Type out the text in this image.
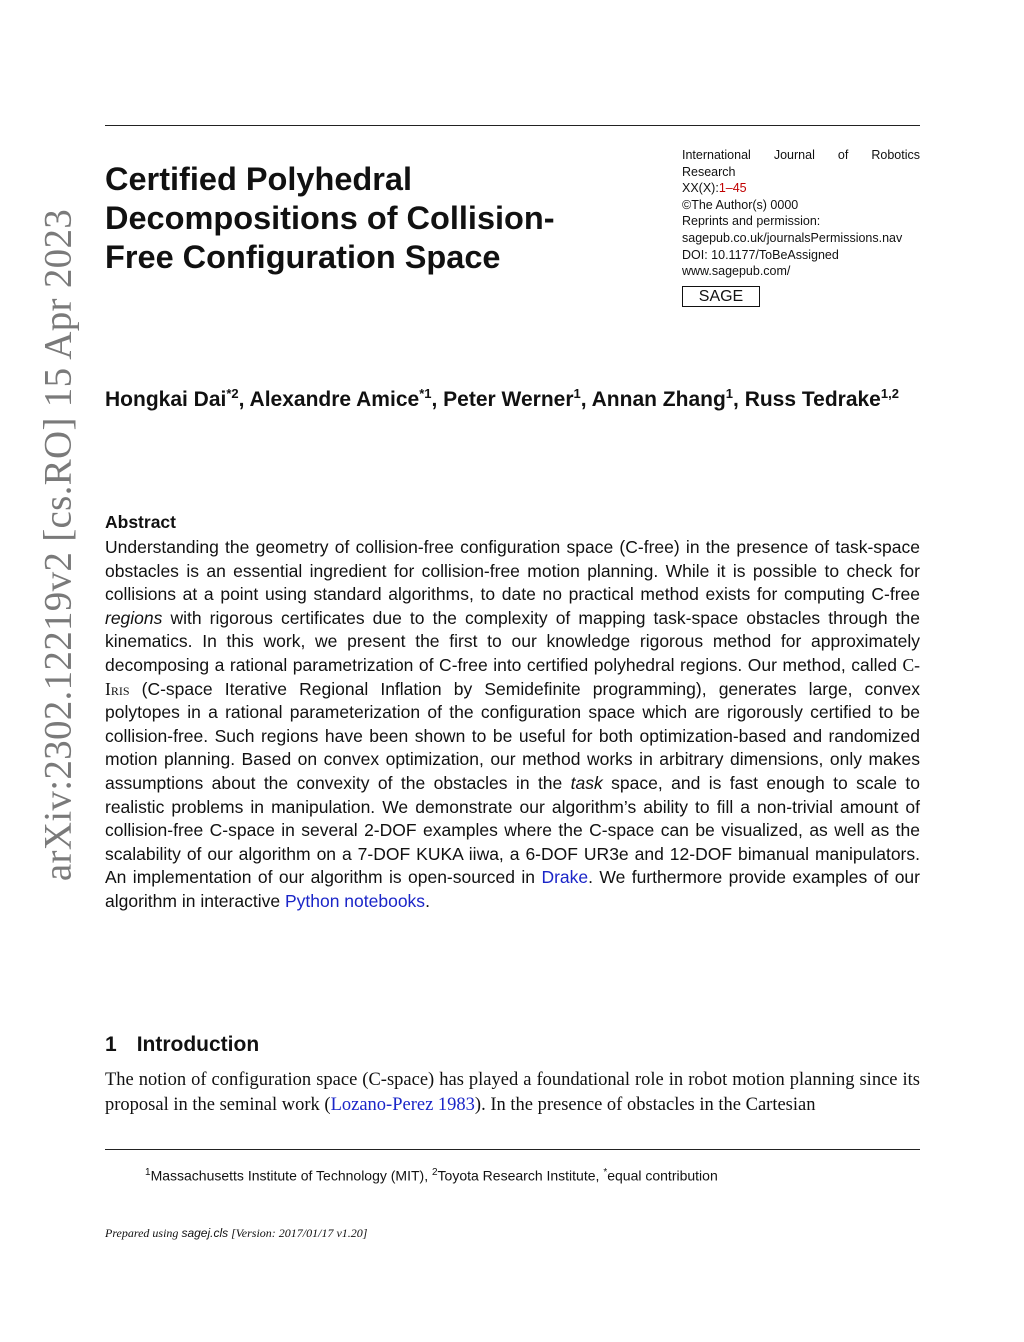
arXiv:2302.12219v2 [cs.RO] 15 Apr 2023
Certified Polyhedral Decompositions of Collision-Free Configuration Space
International Journal of Robotics
Research
XX(X):1–45
©The Author(s) 0000
Reprints and permission:
sagepub.co.uk/journalsPermissions.nav
DOI: 10.1177/ToBeAssigned
www.sagepub.com/
SAGE
Hongkai Dai$^{*2}$, Alexandre Amice$^{*1}$, Peter Werner$^1$, Annan Zhang$^1$, Russ Tedrake$^{1,2}$
Abstract
Understanding the geometry of collision-free configuration space (C-free) in the presence of task-space obstacles is an essential ingredient for collision-free motion planning. While it is possible to check for collisions at a point using standard algorithms, to date no practical method exists for computing C-free regions with rigorous certificates due to the complexity of mapping task-space obstacles through the kinematics. In this work, we present the first to our knowledge rigorous method for approximately decomposing a rational parametrization of C-free into certified polyhedral regions. Our method, called C-Iris (C-space Iterative Regional Inflation by Semidefinite programming), generates large, convex polytopes in a rational parameterization of the configuration space which are rigorously certified to be collision-free. Such regions have been shown to be useful for both optimization-based and randomized motion planning. Based on convex optimization, our method works in arbitrary dimensions, only makes assumptions about the convexity of the obstacles in the task space, and is fast enough to scale to realistic problems in manipulation. We demonstrate our algorithm’s ability to fill a non-trivial amount of collision-free C-space in several 2-DOF examples where the C-space can be visualized, as well as the scalability of our algorithm on a 7-DOF KUKA iiwa, a 6-DOF UR3e and 12-DOF bimanual manipulators. An implementation of our algorithm is open-sourced in Drake. We furthermore provide examples of our algorithm in interactive Python notebooks.
1 Introduction
The notion of configuration space (C-space) has played a foundational role in robot motion planning since its proposal in the seminal work (Lozano-Perez 1983). In the presence of obstacles in the Cartesian
$^1$Massachusetts Institute of Technology (MIT), $^2$Toyota Research Institute, *equal contribution
Prepared using sagej.cls [Version: 2017/01/17 v1.20]
